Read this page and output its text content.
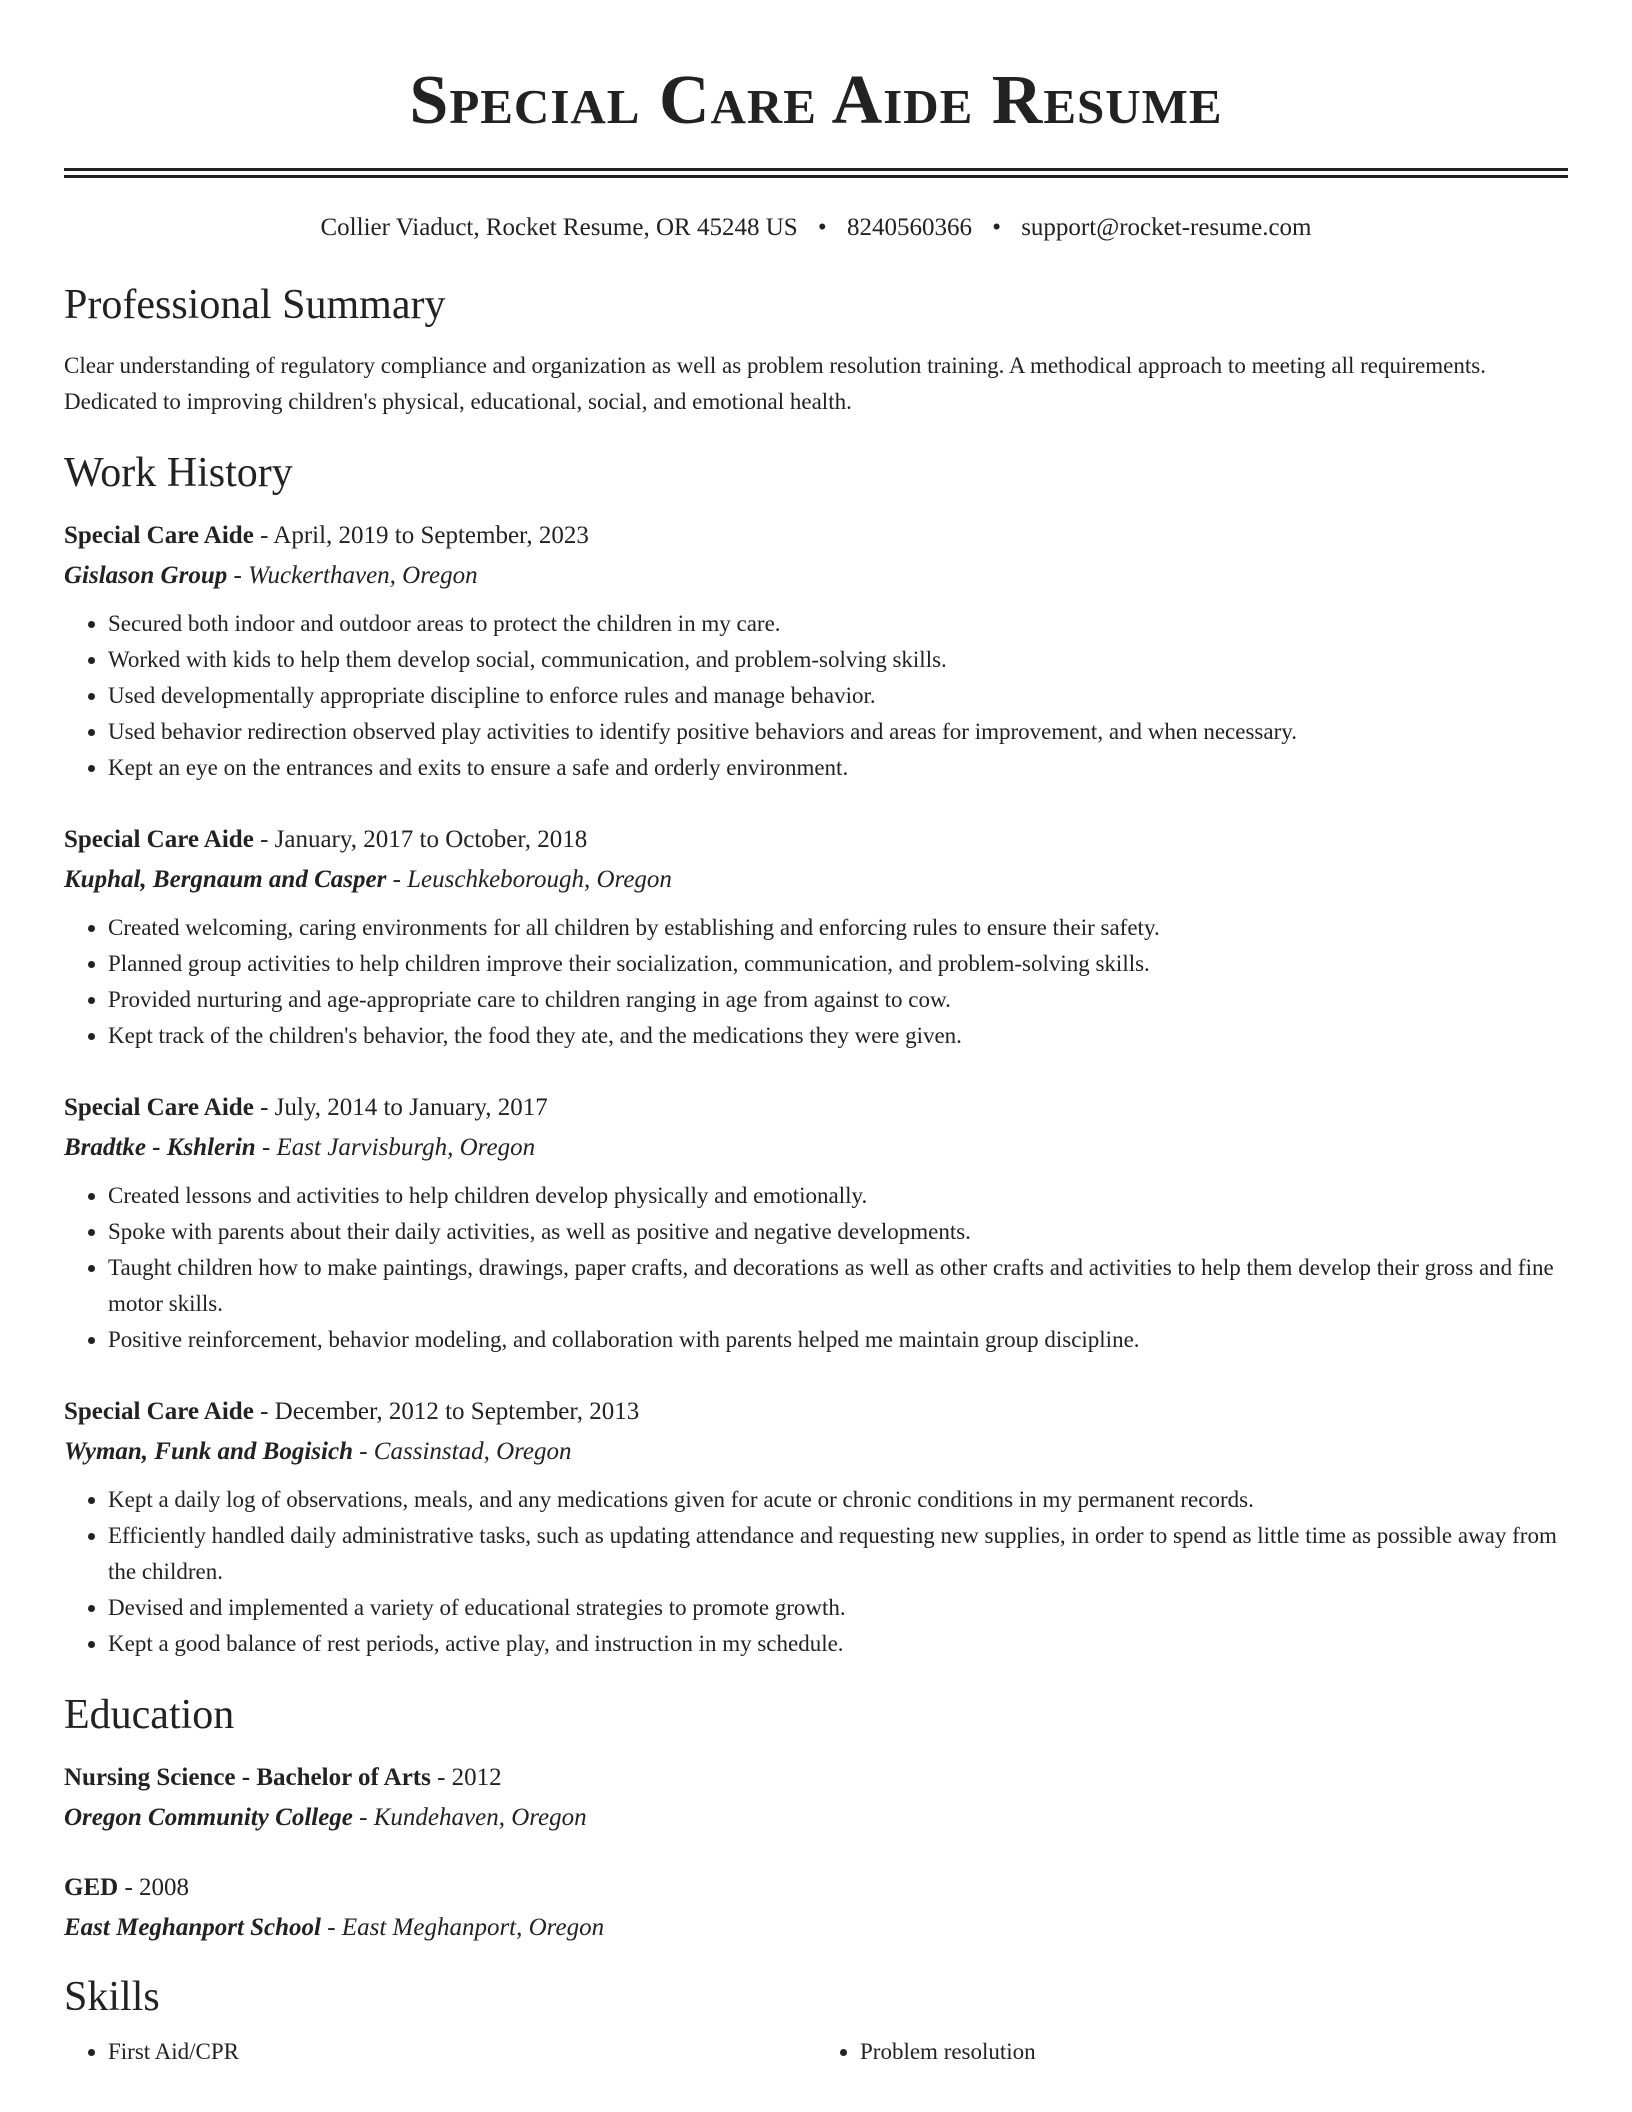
Special Care Aide Resume
Collier Viaduct, Rocket Resume, OR 45248 US • 8240560366 • support@rocket-resume.com
Professional Summary
Clear understanding of regulatory compliance and organization as well as problem resolution training. A methodical approach to meeting all requirements. Dedicated to improving children's physical, educational, social, and emotional health.
Work History
Special Care Aide - April, 2019 to September, 2023
Gislason Group - Wuckerthaven, Oregon
• Secured both indoor and outdoor areas to protect the children in my care.
• Worked with kids to help them develop social, communication, and problem-solving skills.
• Used developmentally appropriate discipline to enforce rules and manage behavior.
• Used behavior redirection observed play activities to identify positive behaviors and areas for improvement, and when necessary.
• Kept an eye on the entrances and exits to ensure a safe and orderly environment.
Special Care Aide - January, 2017 to October, 2018
Kuphal, Bergnaum and Casper - Leuschkeborough, Oregon
• Created welcoming, caring environments for all children by establishing and enforcing rules to ensure their safety.
• Planned group activities to help children improve their socialization, communication, and problem-solving skills.
• Provided nurturing and age-appropriate care to children ranging in age from against to cow.
• Kept track of the children's behavior, the food they ate, and the medications they were given.
Special Care Aide - July, 2014 to January, 2017
Bradtke - Kshlerin - East Jarvisburgh, Oregon
• Created lessons and activities to help children develop physically and emotionally.
• Spoke with parents about their daily activities, as well as positive and negative developments.
• Taught children how to make paintings, drawings, paper crafts, and decorations as well as other crafts and activities to help them develop their gross and fine motor skills.
• Positive reinforcement, behavior modeling, and collaboration with parents helped me maintain group discipline.
Special Care Aide - December, 2012 to September, 2013
Wyman, Funk and Bogisich - Cassinstad, Oregon
• Kept a daily log of observations, meals, and any medications given for acute or chronic conditions in my permanent records.
• Efficiently handled daily administrative tasks, such as updating attendance and requesting new supplies, in order to spend as little time as possible away from the children.
• Devised and implemented a variety of educational strategies to promote growth.
• Kept a good balance of rest periods, active play, and instruction in my schedule.
Education
Nursing Science - Bachelor of Arts - 2012
Oregon Community College - Kundehaven, Oregon
GED - 2008
East Meghanport School - East Meghanport, Oregon
Skills
• First Aid/CPR
•	Problem resolution
